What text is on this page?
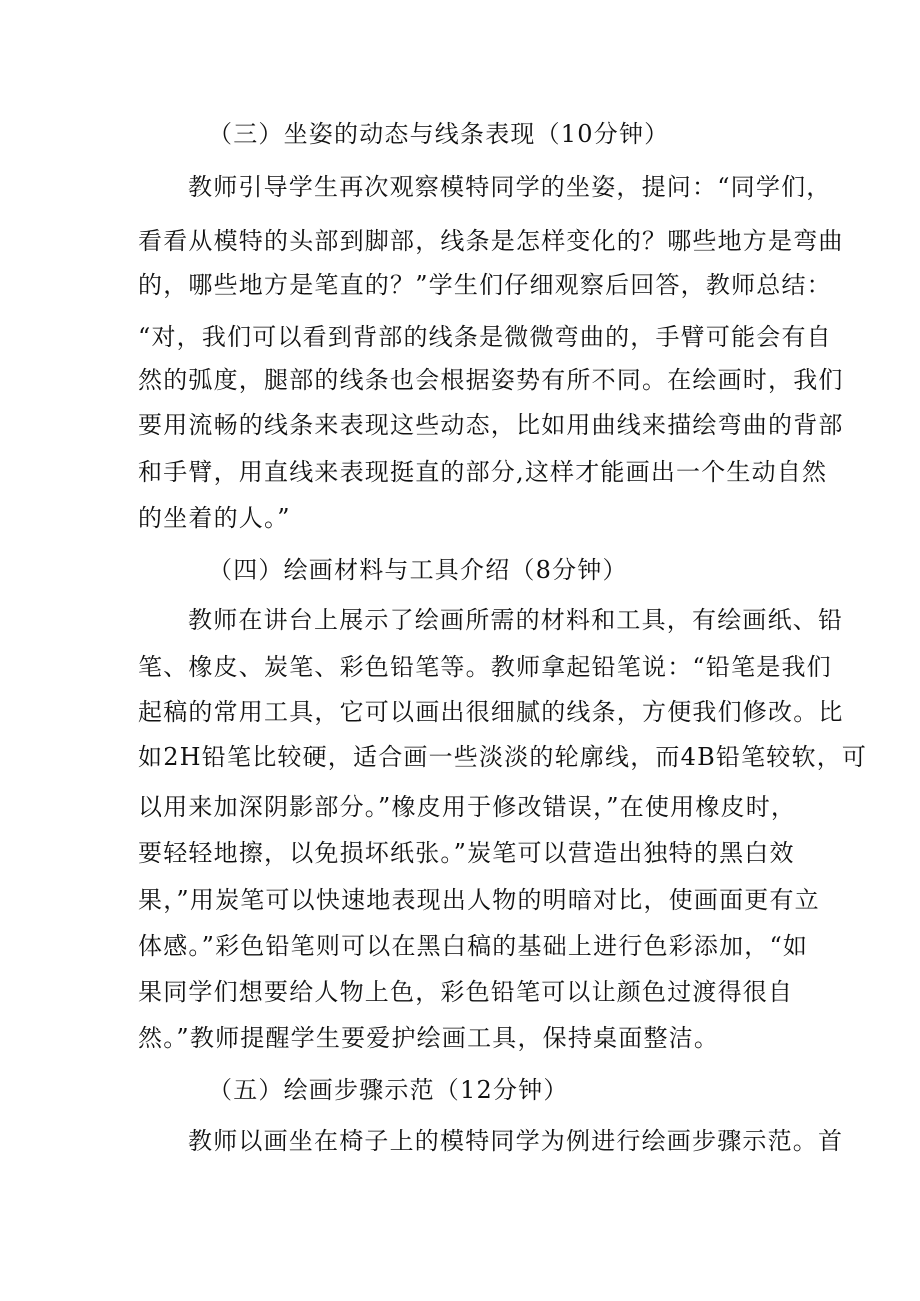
（三）坐姿的动态与线条表现（10分钟）
教师引导学生再次观察模特同学的坐姿，提问：“同学们，
看看从模特的头部到脚部，线条是怎样变化的？哪些地方是弯曲
的，哪些地方是笔直的？”学生们仔细观察后回答，教师总结：
“对，我们可以看到背部的线条是微微弯曲的，手臂可能会有自
然的弧度，腿部的线条也会根据姿势有所不同。在绘画时，我们
要用流畅的线条来表现这些动态，比如用曲线来描绘弯曲的背部
和手臂，用直线来表现挺直的部分,这样才能画出一个生动自然
的坐着的人。”
（四）绘画材料与工具介绍（8分钟）
教师在讲台上展示了绘画所需的材料和工具，有绘画纸、铅
笔、橡皮、炭笔、彩色铅笔等。教师拿起铅笔说：“铅笔是我们
起稿的常用工具，它可以画出很细腻的线条，方便我们修改。比
如2H铅笔比较硬，适合画一些淡淡的轮廓线，而4B铅笔较软，可
以用来加深阴影部分。”橡皮用于修改错误，”在使用橡皮时，
要轻轻地擦，以免损坏纸张。”炭笔可以营造出独特的黑白效
果，”用炭笔可以快速地表现出人物的明暗对比，使画面更有立
体感。”彩色铅笔则可以在黑白稿的基础上进行色彩添加，“如
果同学们想要给人物上色，彩色铅笔可以让颜色过渡得很自
然。”教师提醒学生要爱护绘画工具，保持桌面整洁。
（五）绘画步骤示范（12分钟）
教师以画坐在椅子上的模特同学为例进行绘画步骤示范。首
